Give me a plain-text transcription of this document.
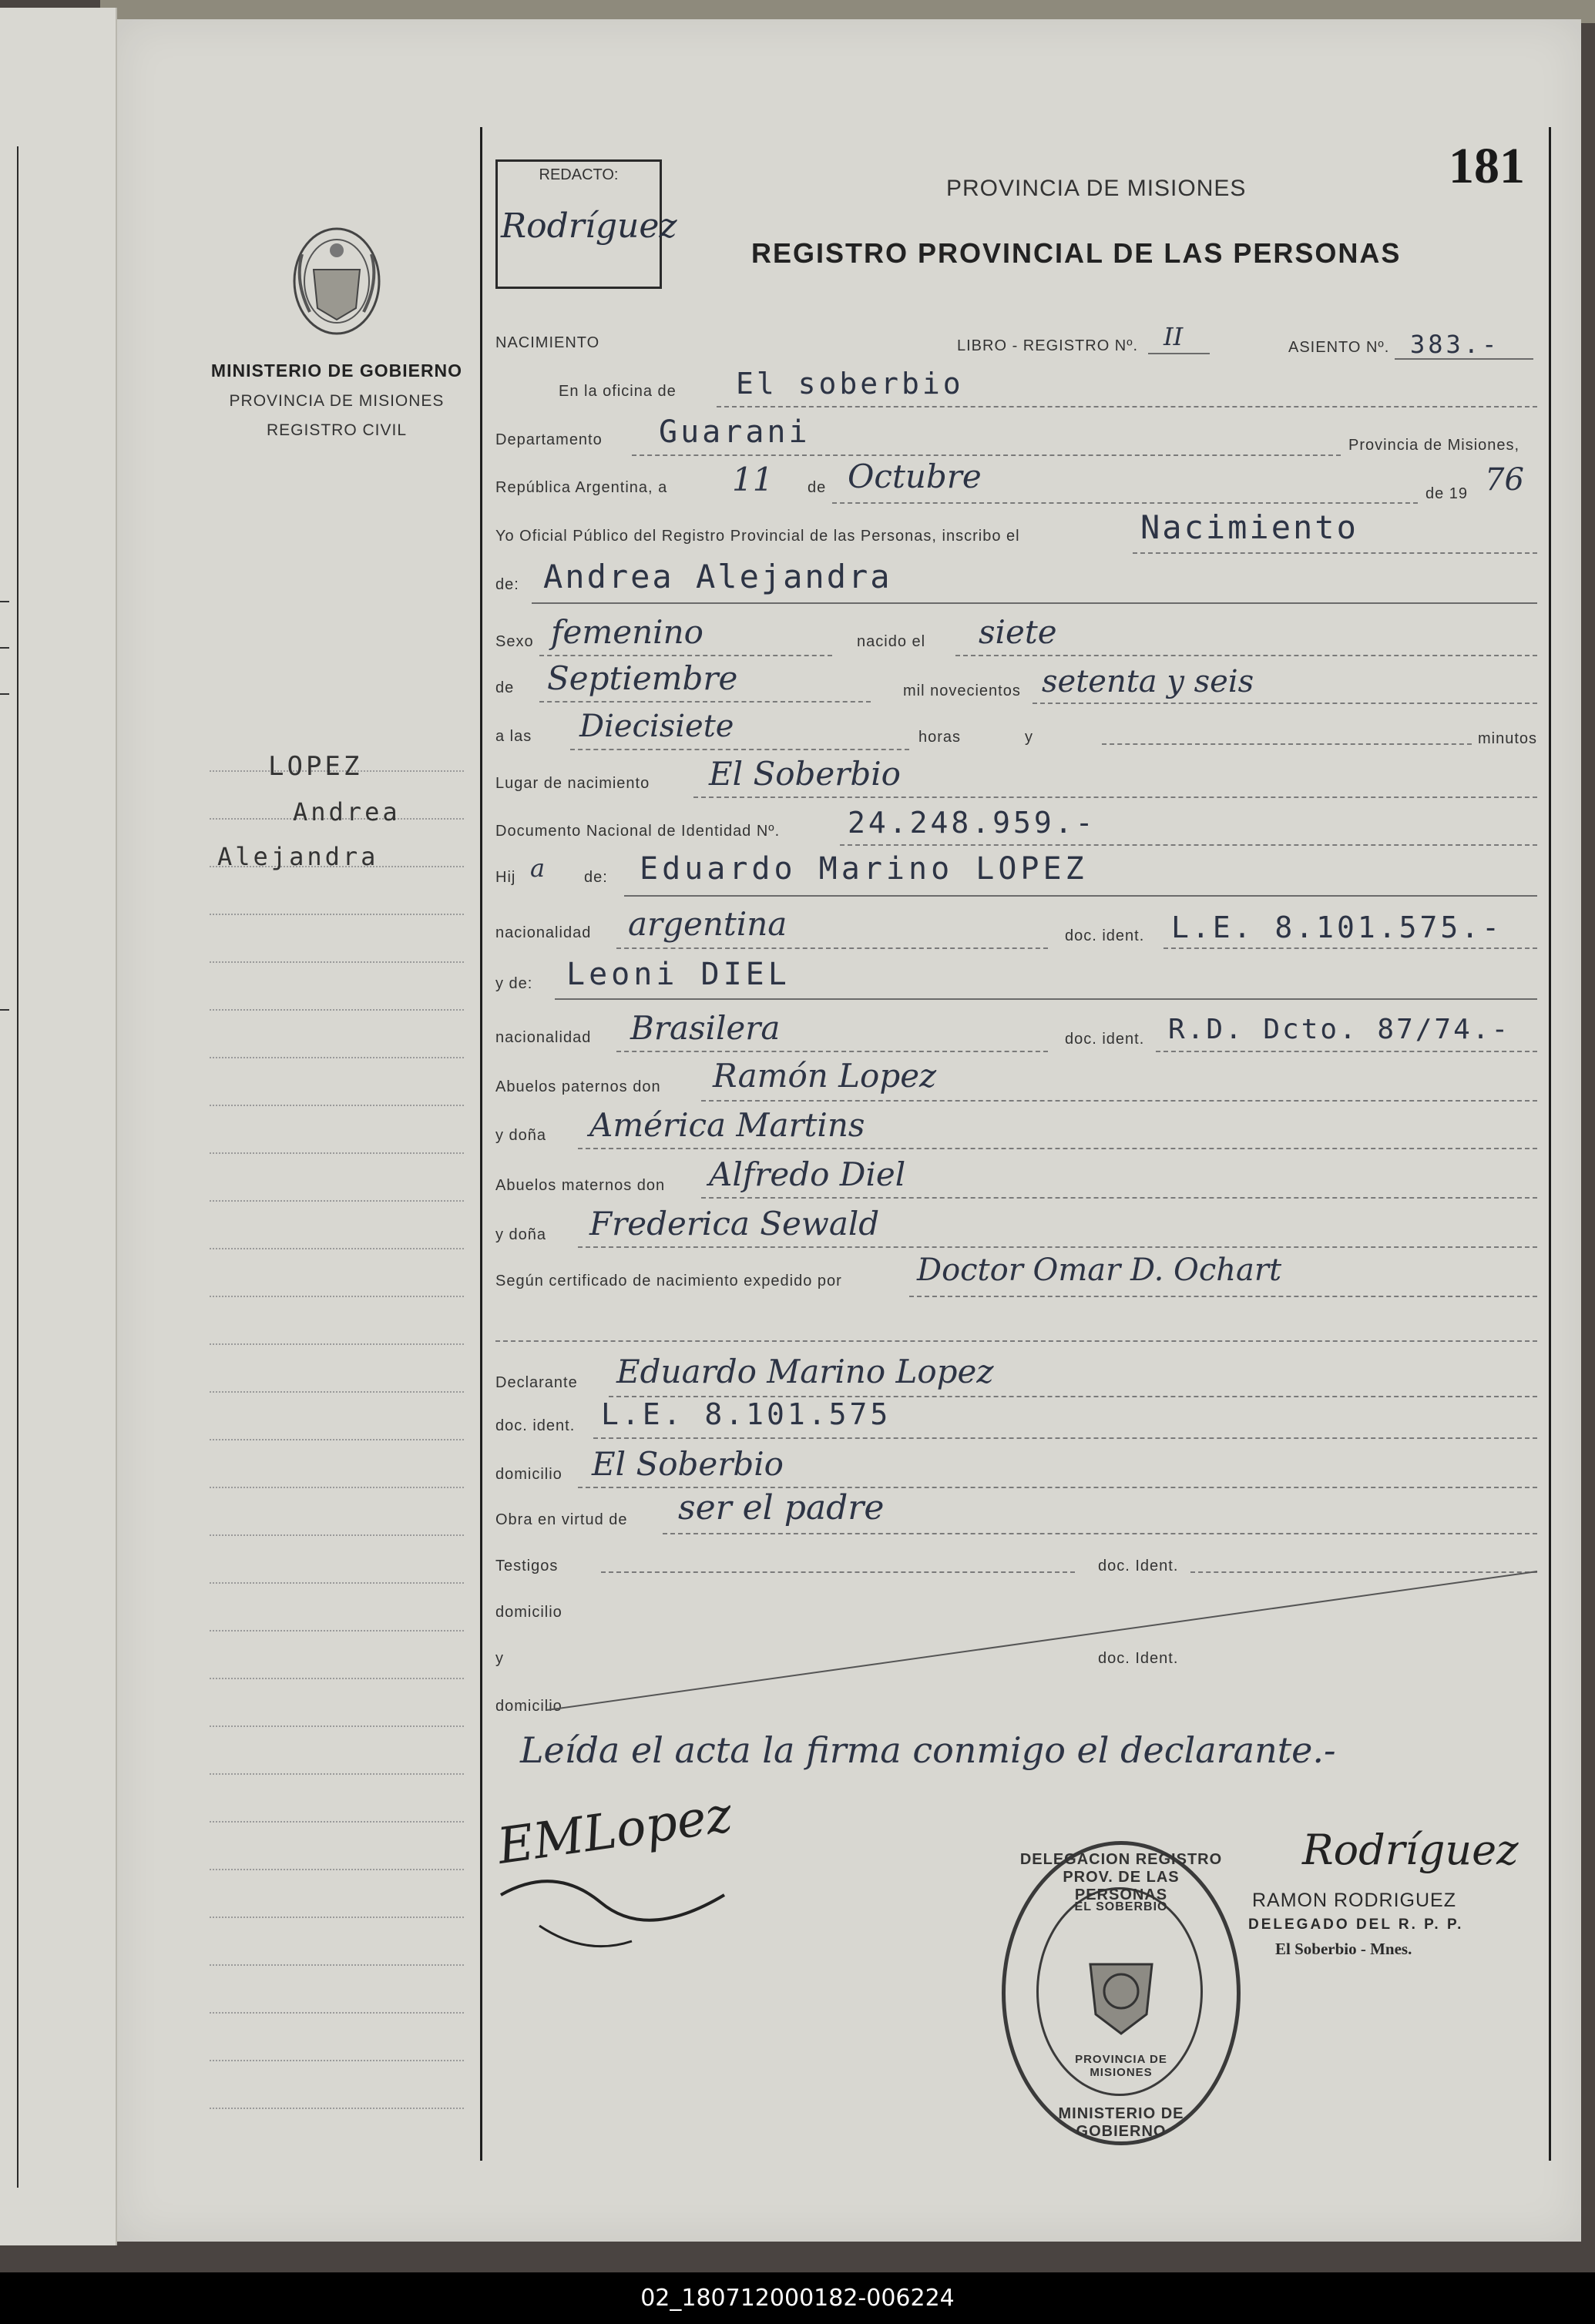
MINISTERIO DE GOBIERNO
PROVINCIA DE MISIONES
REGISTRO CIVIL
LOPEZ
Andrea
Alejandra
REDACTO:
Rodríguez
181
PROVINCIA DE MISIONES
REGISTRO PROVINCIAL DE LAS PERSONAS
NACIMIENTO	LIBRO - REGISTRO Nº. II	ASIENTO Nº. 383.-
En la oficina de El soberbio
Departamento Guarani	Provincia de Misiones,
República Argentina, a 11 de Octubre	de 19 76
Yo Oficial Público del Registro Provincial de las Personas, inscribo el	Nacimiento
de: Andrea Alejandra
Sexo femenino	nacido el siete
de Septiembre	mil novecientos setenta y seis
a las Diecisiete	horas	y	minutos
Lugar de nacimiento El Soberbio
Documento Nacional de Identidad Nº. 24.248.959.-
Hij a	de: Eduardo Marino LOPEZ
nacionalidad argentina	doc. ident. L.E. 8.101.575.-
y de: Leoni DIEL
nacionalidad Brasilera	doc. ident. R.D. Dcto. 87/74.-
Abuelos paternos don Ramón Lopez
y doña América Martins
Abuelos maternos don Alfredo Diel
y doña Frederica Sewald
Según certificado de nacimiento expedido por Doctor Omar D. Ochart
Declarante Eduardo Marino Lopez
doc. ident. L.E. 8.101.575
domicilio El Soberbio
Obra en virtud de ser el padre
Testigos	doc. Ident.
domicilio
y	doc. Ident.
domicilio
Leída el acta la firma conmigo el declarante.-
EMLopez	DELEGACION REGISTRO PROV. DE LAS PERSONAS
EL SOBERBIO
PROVINCIA DE MISIONES
MINISTERIO DE GOBIERNO
Rodríguez
RAMON RODRIGUEZ
DELEGADO DEL R. P. P.
El Soberbio - Mnes.
02_180712000182-006224
